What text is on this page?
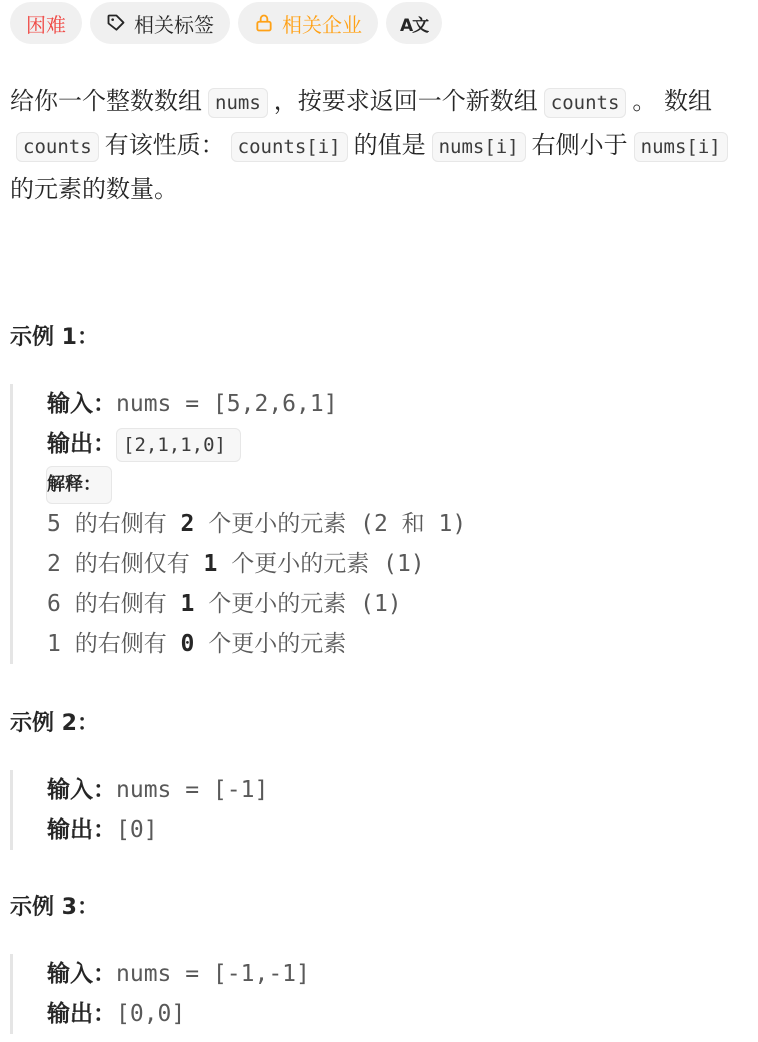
困难	相关标签	相关企业 A文
给你一个整数数组 nums ，按要求返回一个新数组 counts 。 数组counts 有该性质： counts[i] 的值是 nums[i] 右侧小于 nums[i]的元素的数量。
示例 1：
输入：nums = [5,2,6,1]
输出： [2,1,1,0]
解释：
5 的右侧有 2 个更小的元素 (2 和 1)
2 的右侧仅有 1 个更小的元素 (1)
6 的右侧有 1 个更小的元素 (1)
1 的右侧有 0 个更小的元素
示例 2：
输入：nums = [-1]
输出：[0]
示例 3：
输入：nums = [-1,-1]
输出：[0,0]
